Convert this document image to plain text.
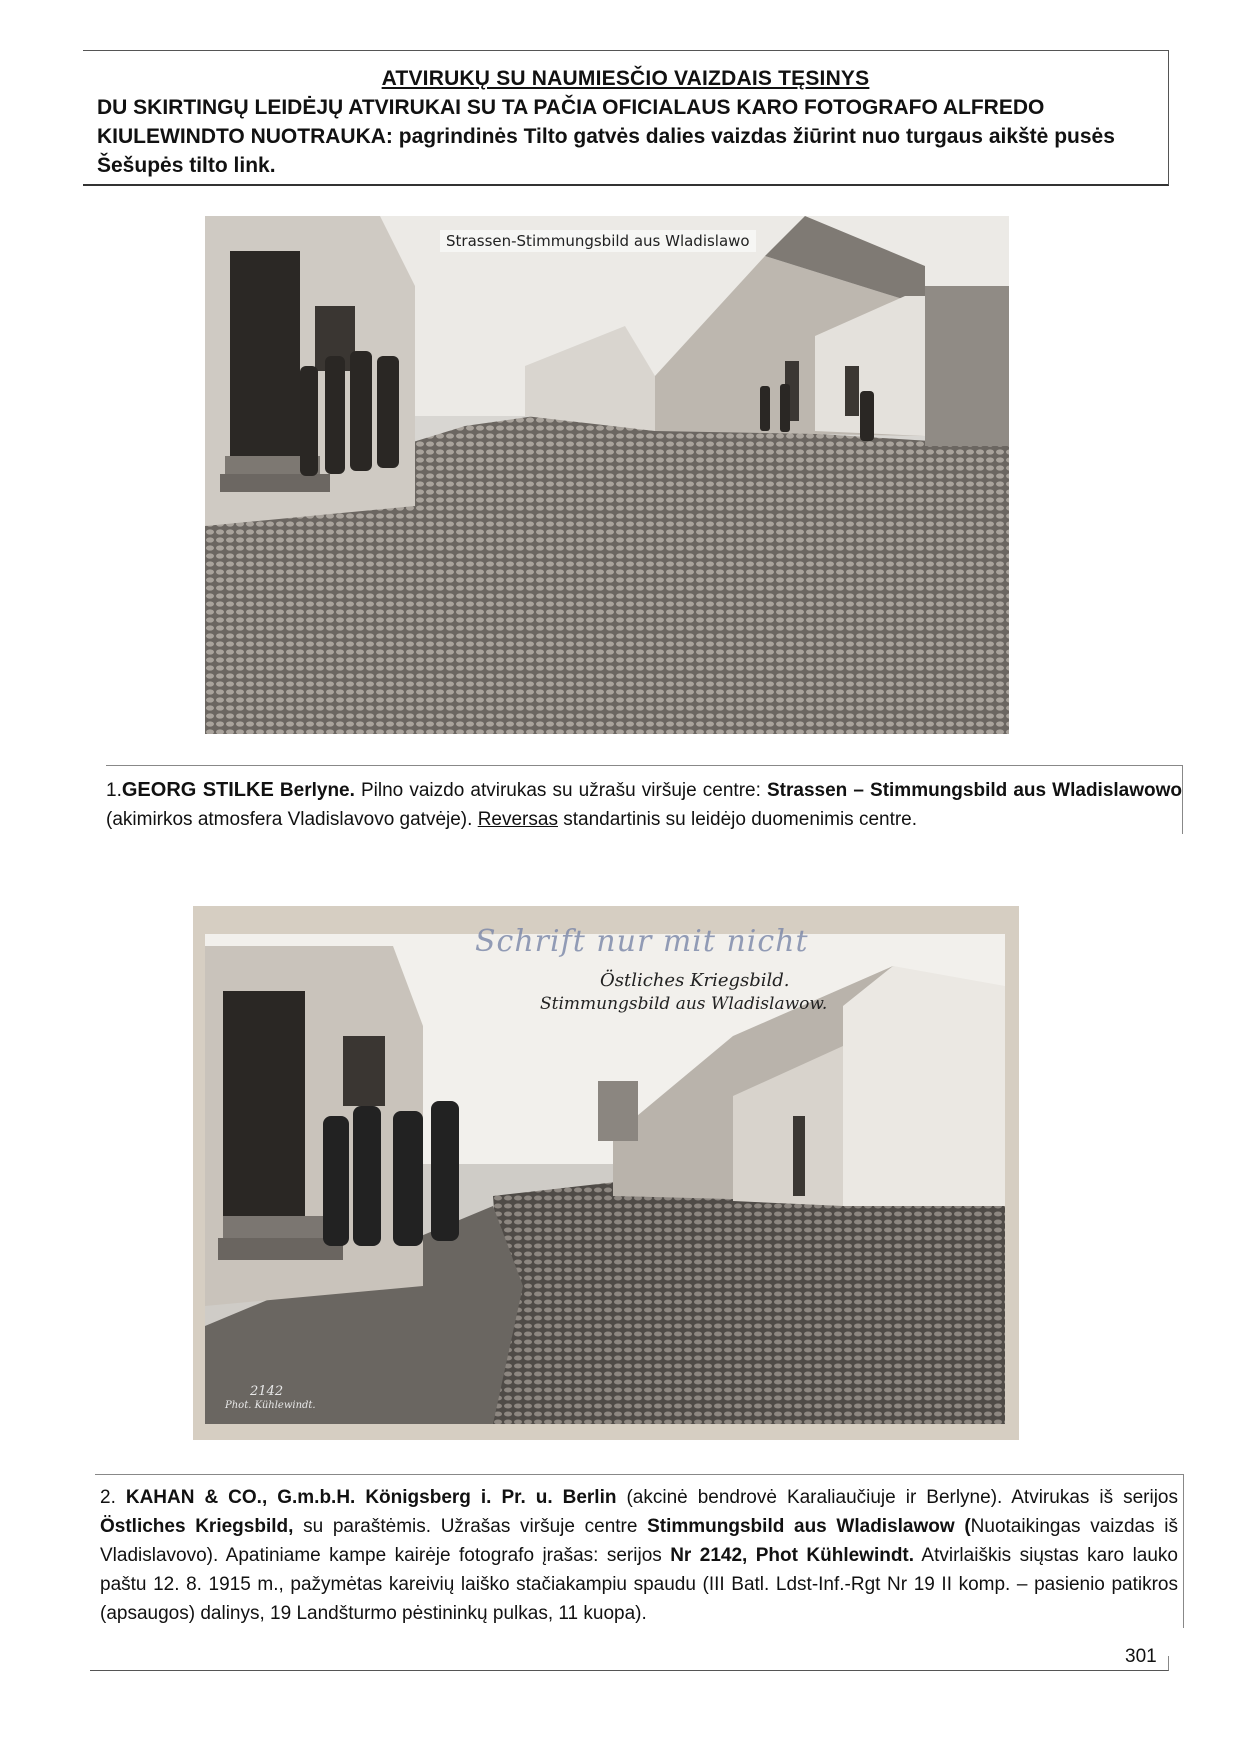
ATVIRUKŲ SU NAUMIESČIO VAIZDAIS TĘSINYS
DU SKIRTINGŲ LEIDĖJŲ ATVIRUKAI SU TA PAČIA OFICIALAUS KARO FOTOGRAFO ALFREDO KIULEWINDTO NUOTRAUKA: pagrindinės Tilto gatvės dalies vaizdas žiūrint nuo turgaus aikštė pusės Šešupės tilto link.
Strassen-Stimmungsbild aus Wladislawo
1.GEORG STILKE Berlyne. Pilno vaizdo atvirukas su užrašu viršuje centre: Strassen – Stimmungsbild aus Wladislawowo (akimirkos atmosfera Vladislavovo gatvėje). Reversas standartinis su leidėjo duomenimis centre.
Schrift nur mit nicht
Östliches Kriegsbild.
Stimmungsbild aus Wladislawow.
2142
Phot. Kühlewindt.
2. KAHAN & CO., G.m.b.H. Königsberg i. Pr. u. Berlin (akcinė bendrovė Karaliaučiuje ir Berlyne). Atvirukas iš serijos Östliches Kriegsbild, su paraštėmis. Užrašas viršuje centre Stimmungsbild aus Wladislawow (Nuotaikingas vaizdas iš Vladislavovo). Apatiniame kampe kairėje fotografo įrašas: serijos Nr 2142, Phot Kühlewindt. Atvirlaiškis siųstas karo lauko paštu 12. 8. 1915 m., pažymėtas kareivių laiško stačiakampiu spaudu (III Batl. Ldst-Inf.-Rgt Nr 19 II komp. – pasienio patikros (apsaugos) dalinys, 19 Landšturmo pėstininkų pulkas, 11 kuopa).
301
